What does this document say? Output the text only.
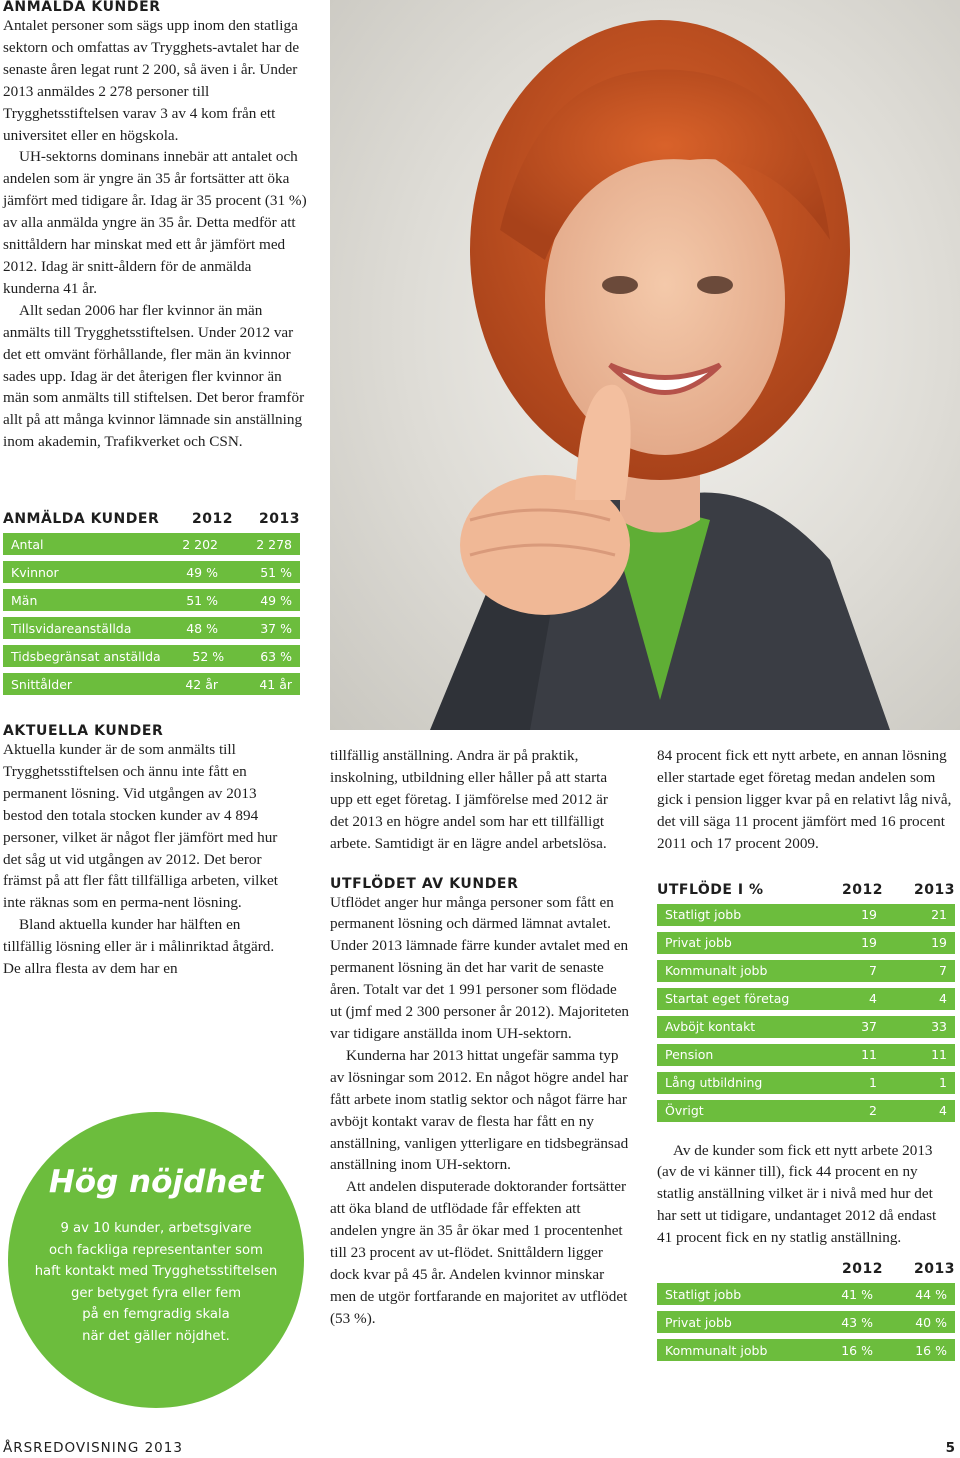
ANMÄLDA KUNDER

Antalet personer som sägs upp inom den statliga sektorn och omfattas av Trygghets-avtalet har de senaste åren legat runt 2 200, så även i år. Under 2013 anmäldes 2 278 personer till Trygghetsstiftelsen varav 3 av 4 kom från ett universitet eller en högskola.

UH-sektorns dominans innebär att antalet och andelen som är yngre än 35 år fortsätter att öka jämfört med tidigare år. Idag är 35 procent (31 %) av alla anmälda yngre än 35 år. Detta medför att snittåldern har minskat med ett år jämfört med 2012. Idag är snitt-åldern för de anmälda kunderna 41 år.

Allt sedan 2006 har fler kvinnor än män anmälts till Trygghetsstiftelsen. Under 2012 var det ett omvänt förhållande, fler män än kvinnor sades upp. Idag är det återigen fler kvinnor än män som anmälts till stiftelsen. Det beror framför allt på att många kvinnor lämnade sin anställning inom akademin, Trafikverket och CSN.

ANMÄLDA KUNDER	2012	2013
Antal	2 202	2 278
Kvinnor	49 %	51 %
Män	51 %	49 %
Tillsvidareanställda	48 %	37 %
Tidsbegränsat anställda	52 %	63 %
Snittålder	42 år	41 år
AKTUELLA KUNDER

Aktuella kunder är de som anmälts till Trygghetsstiftelsen och ännu inte fått en permanent lösning. Vid utgången av 2013 bestod den totala stocken kunder av 4 894 personer, vilket är något fler jämfört med hur det såg ut vid utgången av 2012. Det beror främst på att fler fått tillfälliga arbeten, vilket inte räknas som en perma-nent lösning.

Bland aktuella kunder har hälften en tillfällig lösning eller är i målinriktad åtgärd. De allra flesta av dem har en

Hög nöjdhet
9 av 10 kunder, arbetsgivare
och fackliga representanter som
haft kontakt med Trygghetsstiftelsen
ger betyget fyra eller fem
på en femgradig skala
när det gäller nöjdhet.

tillfällig anställning. Andra är på praktik, inskolning, utbildning eller håller på att starta upp ett eget företag. I jämförelse med 2012 är det 2013 en högre andel som har ett tillfälligt arbete. Samtidigt är en lägre andel arbetslösa.

UTFLÖDET AV KUNDER

Utflödet anger hur många personer som fått en permanent lösning och därmed lämnat avtalet. Under 2013 lämnade färre kunder avtalet med en permanent lösning än det har varit de senaste åren. Totalt var det 1 991 personer som flödade ut (jmf med 2 300 personer år 2012). Majoriteten var tidigare anställda inom UH-sektorn.

Kunderna har 2013 hittat ungefär samma typ av lösningar som 2012. En något högre andel har fått arbete inom statlig sektor och något färre har avböjt kontakt varav de flesta har fått en ny anställning, vanligen ytterligare en tidsbegränsad anställning inom UH-sektorn.

Att andelen disputerade doktorander fortsätter att öka bland de utflödade får effekten att andelen yngre än 35 år ökar med 1 procentenhet till 23 procent av ut-flödet. Snittåldern ligger dock kvar på 45 år. Andelen kvinnor minskar men de utgör fortfarande en majoritet av utflödet (53 %).

84 procent fick ett nytt arbete, en annan lösning eller startade eget företag medan andelen som gick i pension ligger kvar på en relativt låg nivå, det vill säga 11 procent jämfört med 16 procent 2011 och 17 procent 2009.

UTFLÖDE I %	2012	2013
Statligt jobb	19	21
Privat jobb	19	19
Kommunalt jobb	7	7
Startat eget företag	4	4
Avböjt kontakt	37	33
Pension	11	11
Lång utbildning	1	1
Övrigt	2	4

Av de kunder som fick ett nytt arbete 2013 (av de vi känner till), fick 44 procent en ny statlig anställning vilket är i nivå med hur det har sett ut tidigare, undantaget 2012 då endast 41 procent fick en ny statlig anställning.

2012	2013
Statligt jobb	41 %	44 %
Privat jobb	43 %	40 %
Kommunalt jobb	16 %	16 %
ÅRSREDOVISNING 2013	5
